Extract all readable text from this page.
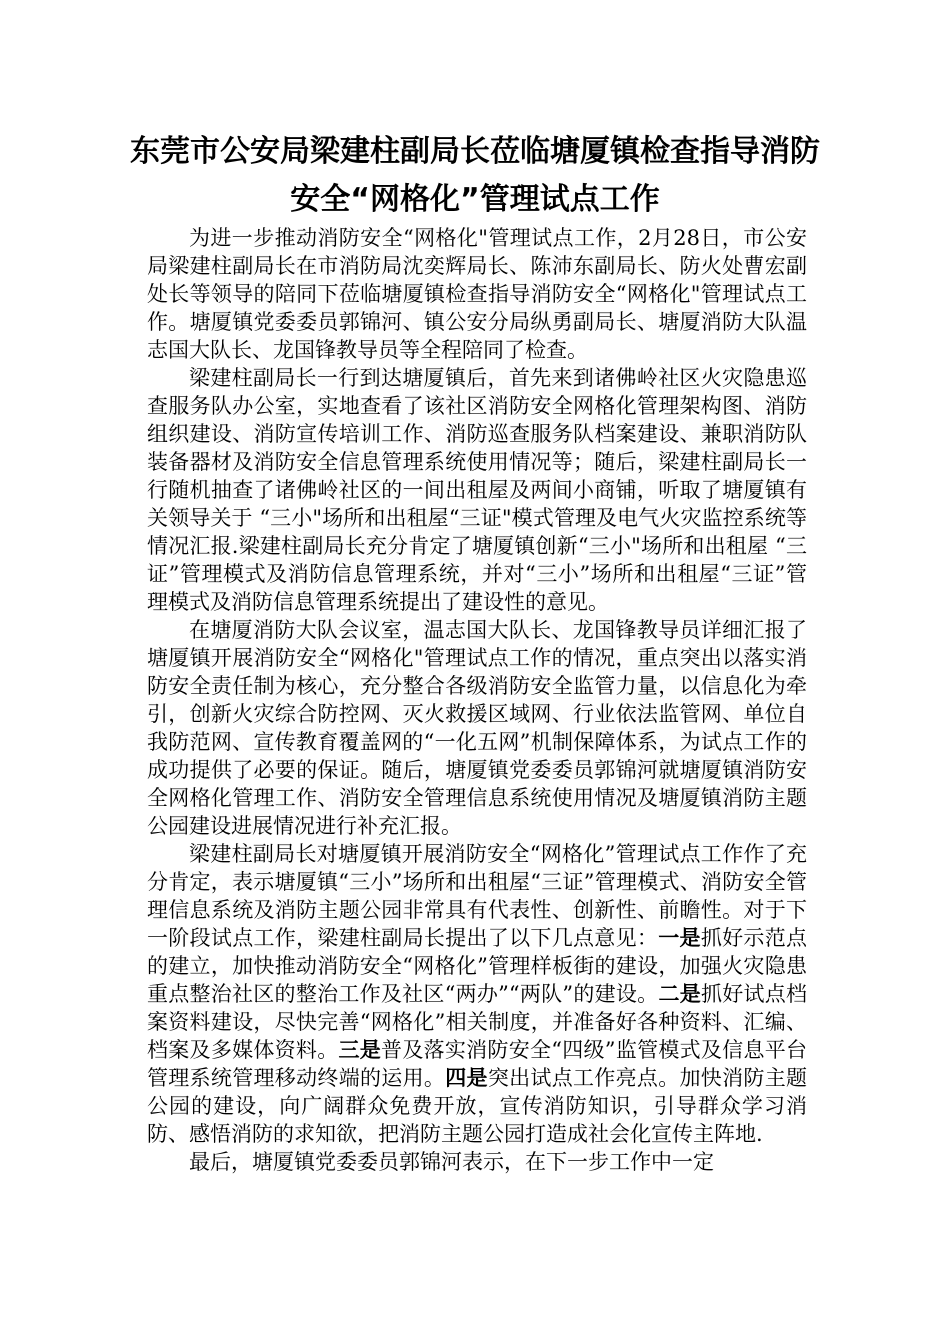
东莞市公安局梁建柱副局长莅临塘厦镇检查指导消防
安全“网格化”管理试点工作

为进一步推动消防安全“网格化"管理试点工作，2月28日，市公安局梁建柱副局长在市消防局沈奕辉局长、陈沛东副局长、防火处曹宏副处长等领导的陪同下莅临塘厦镇检查指导消防安全“网格化"管理试点工作。塘厦镇党委委员郭锦河、镇公安分局纵勇副局长、塘厦消防大队温志国大队长、龙国锋教导员等全程陪同了检查。

梁建柱副局长一行到达塘厦镇后，首先来到诸佛岭社区火灾隐患巡查服务队办公室，实地查看了该社区消防安全网格化管理架构图、消防组织建设、消防宣传培训工作、消防巡查服务队档案建设、兼职消防队装备器材及消防安全信息管理系统使用情况等；随后，梁建柱副局长一行随机抽查了诸佛岭社区的一间出租屋及两间小商铺，听取了塘厦镇有关领导关于 “三小"场所和出租屋“三证"模式管理及电气火灾监控系统等情况汇报.梁建柱副局长充分肯定了塘厦镇创新“三小"场所和出租屋 “三证”管理模式及消防信息管理系统，并对“三小”场所和出租屋“三证”管理模式及消防信息管理系统提出了建设性的意见。

在塘厦消防大队会议室，温志国大队长、龙国锋教导员详细汇报了塘厦镇开展消防安全“网格化"管理试点工作的情况，重点突出以落实消防安全责任制为核心，充分整合各级消防安全监管力量，以信息化为牵引，创新火灾综合防控网、灭火救援区域网、行业依法监管网、单位自我防范网、宣传教育覆盖网的“一化五网”机制保障体系，为试点工作的成功提供了必要的保证。随后，塘厦镇党委委员郭锦河就塘厦镇消防安全网格化管理工作、消防安全管理信息系统使用情况及塘厦镇消防主题公园建设进展情况进行补充汇报。

梁建柱副局长对塘厦镇开展消防安全“网格化”管理试点工作作了充分肯定，表示塘厦镇“三小”场所和出租屋“三证”管理模式、消防安全管理信息系统及消防主题公园非常具有代表性、创新性、前瞻性。对于下一阶段试点工作，梁建柱副局长提出了以下几点意见：一是抓好示范点的建立，加快推动消防安全“网格化”管理样板街的建设，加强火灾隐患重点整治社区的整治工作及社区“两办”“两队”的建设。二是抓好试点档案资料建设，尽快完善“网格化”相关制度，并准备好各种资料、汇编、档案及多媒体资料。三是普及落实消防安全“四级”监管模式及信息平台管理系统管理移动终端的运用。四是突出试点工作亮点。加快消防主题公园的建设，向广阔群众免费开放，宣传消防知识，引导群众学习消防、感悟消防的求知欲，把消防主题公园打造成社会化宣传主阵地.

最后，塘厦镇党委委员郭锦河表示，在下一步工作中一定
